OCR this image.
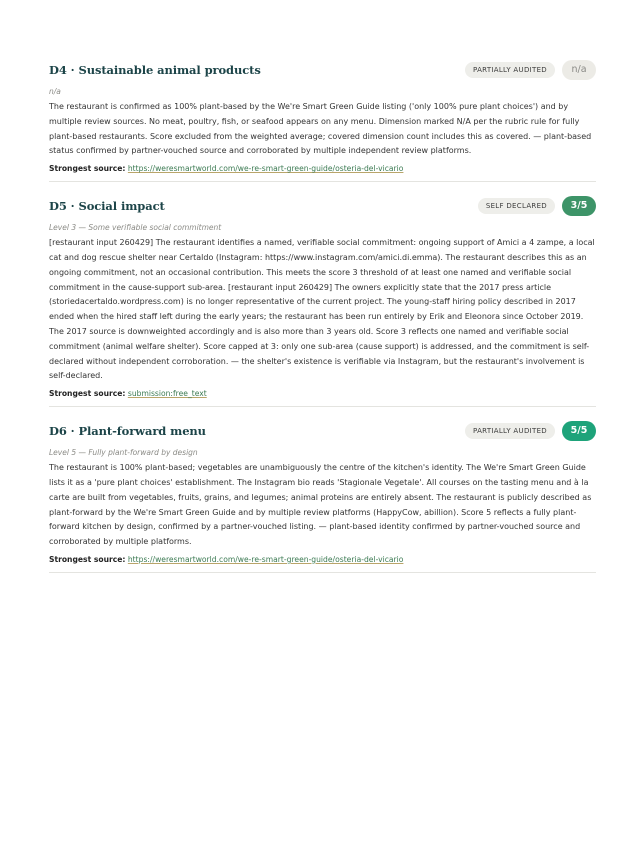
D4 · Sustainable animal products	PARTIALLY AUDITED	n/a
n/a

The restaurant is confirmed as 100% plant-based by the We're Smart Green Guide listing ('only 100% pure plant choices') and by multiple review sources. No meat, poultry, fish, or seafood appears on any menu. Dimension marked N/A per the rubric rule for fully plant-based restaurants. Score excluded from the weighted average; covered dimension count includes this as covered. — plant-based status confirmed by partner-vouched source and corroborated by multiple independent review platforms.

Strongest source: https://weresmartworld.com/we-re-smart-green-guide/osteria-del-vicario
D5 · Social impact	SELF DECLARED	3/5
Level 3 — Some verifiable social commitment

[restaurant input 260429] The restaurant identifies a named, verifiable social commitment: ongoing support of Amici a 4 zampe, a local cat and dog rescue shelter near Certaldo (Instagram: https://www.instagram.com/amici.di.emma). The restaurant describes this as an ongoing commitment, not an occasional contribution. This meets the score 3 threshold of at least one named and verifiable social commitment in the cause-support sub-area. [restaurant input 260429] The owners explicitly state that the 2017 press article (storiedacertaldo.wordpress.com) is no longer representative of the current project. The young-staff hiring policy described in 2017 ended when the hired staff left during the early years; the restaurant has been run entirely by Erik and Eleonora since October 2019. The 2017 source is downweighted accordingly and is also more than 3 years old. Score 3 reflects one named and verifiable social commitment (animal welfare shelter). Score capped at 3: only one sub-area (cause support) is addressed, and the commitment is self-declared without independent corroboration. — the shelter's existence is verifiable via Instagram, but the restaurant's involvement is self-declared.

Strongest source: submission:free_text
D6 · Plant-forward menu	PARTIALLY AUDITED	5/5
Level 5 — Fully plant-forward by design

The restaurant is 100% plant-based; vegetables are unambiguously the centre of the kitchen's identity. The We're Smart Green Guide lists it as a 'pure plant choices' establishment. The Instagram bio reads 'Stagionale Vegetale'. All courses on the tasting menu and à la carte are built from vegetables, fruits, grains, and legumes; animal proteins are entirely absent. The restaurant is publicly described as plant-forward by the We're Smart Green Guide and by multiple review platforms (HappyCow, abillion). Score 5 reflects a fully plant-forward kitchen by design, confirmed by a partner-vouched listing. — plant-based identity confirmed by partner-vouched source and corroborated by multiple platforms.

Strongest source: https://weresmartworld.com/we-re-smart-green-guide/osteria-del-vicario
